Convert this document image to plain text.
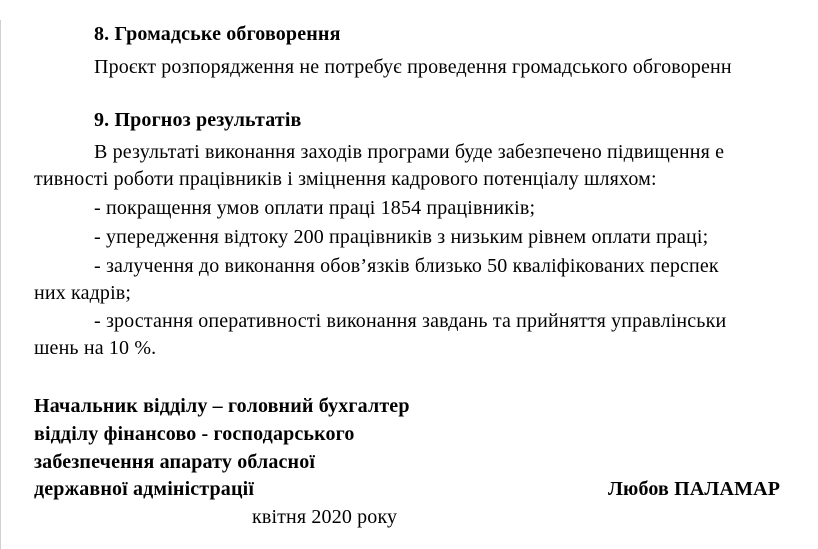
8. Громадське обговорення
Проєкт розпорядження не потребує проведення громадського обговоренн
9. Прогноз результатів
В результаті виконання заходів програми буде забезпечено підвищення е
тивності роботи працівників і зміцнення кадрового потенціалу шляхом:
- покращення умов оплати праці 1854 працівників;
- упередження відтоку 200 працівників з низьким рівнем оплати праці;
- залучення до виконання обов’язків близько 50 кваліфікованих перспек
них кадрів;
- зростання оперативності виконання завдань та прийняття управлінськи
шень на 10 %.
Начальник відділу – головний бухгалтер
відділу фінансово - господарського
забезпечення апарату обласної
державної адміністрації	Любов ПАЛАМАР
квітня 2020 року
